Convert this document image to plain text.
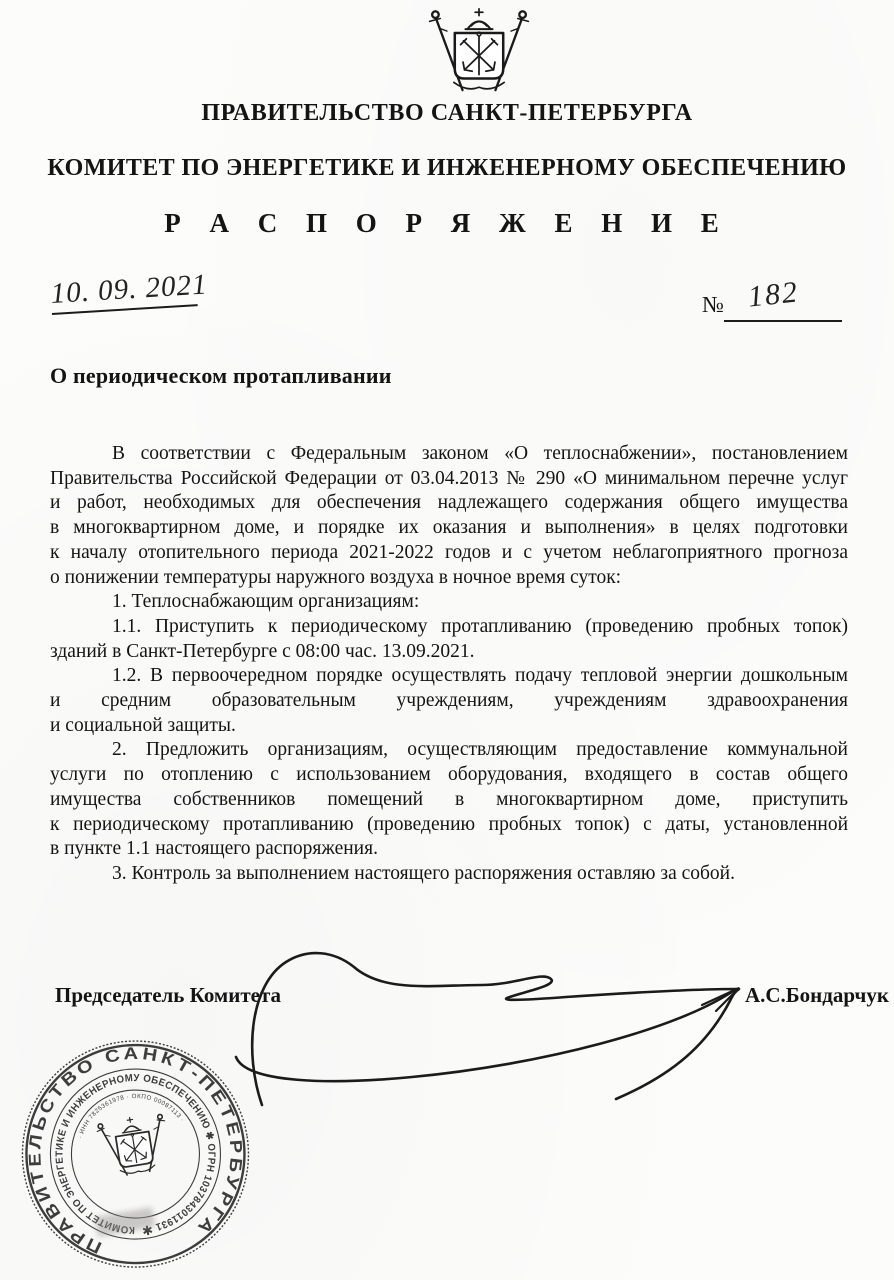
ПРАВИТЕЛЬСТВО САНКТ-ПЕТЕРБУРГА
КОМИТЕТ ПО ЭНЕРГЕТИКЕ И ИНЖЕНЕРНОМУ ОБЕСПЕЧЕНИЮ
Р А С П О Р Я Ж Е Н И Е
10. 09. 2021	№ 182
О периодическом протапливании
В соответствии с Федеральным законом «О теплоснабжении», постановлением
Правительства Российской Федерации от 03.04.2013 № 290 «О минимальном перечне услуг
и работ, необходимых для обеспечения надлежащего содержания общего имущества
в многоквартирном доме, и порядке их оказания и выполнения» в целях подготовки
к началу отопительного периода 2021-2022 годов и с учетом неблагоприятного прогноза
о понижении температуры наружного воздуха в ночное время суток:
1. Теплоснабжающим организациям:
1.1. Приступить к периодическому протапливанию (проведению пробных топок)
зданий в Санкт-Петербурге с 08:00 час. 13.09.2021.
1.2. В первоочередном порядке осуществлять подачу тепловой энергии дошкольным
и средним образовательным учреждениям, учреждениям здравоохранения
и социальной защиты.
2. Предложить организациям, осуществляющим предоставление коммунальной
услуги по отоплению с использованием оборудования, входящего в состав общего
имущества собственников помещений в многоквартирном доме, приступить
к периодическому протапливанию (проведению пробных топок) с даты, установленной
в пункте 1.1 настоящего распоряжения.
3. Контроль за выполнением настоящего распоряжения оставляю за собой.
Председатель Комитета	А.С.Бондарчук
ПРАВИТЕЛЬСТВО САНКТ-ПЕТЕРБУРГА
КОМИТЕТ ПО ЭНЕРГЕТИКЕ И ИНЖЕНЕРНОМУ ОБЕСПЕЧЕНИЮ ✱ ОГРН 1037843011931
· ИНН 7825361978 · ОКПО 00087113 ·
✱
